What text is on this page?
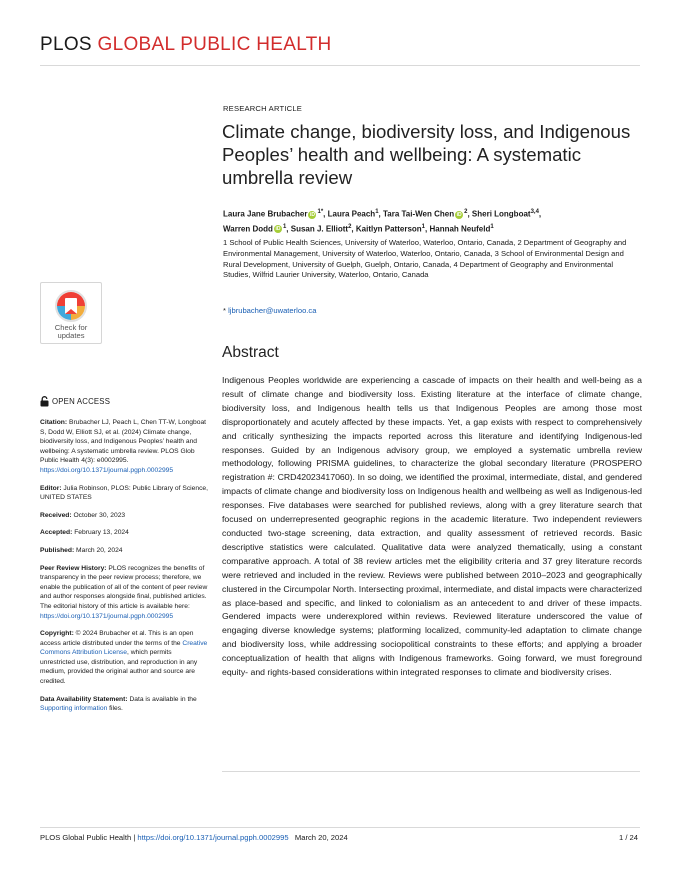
PLOS GLOBAL PUBLIC HEALTH
RESEARCH ARTICLE
Climate change, biodiversity loss, and Indigenous Peoples’ health and wellbeing: A systematic umbrella review
Laura Jane Brubacher iD $^{1*}$, Laura Peach$^1$, Tara Tai-Wen Chen iD $^2$, Sheri Longboat$^{3,4}$,
Warren Dodd iD $^1$, Susan J. Elliott$^2$, Kaitlyn Patterson$^1$, Hannah Neufeld$^1$
1 School of Public Health Sciences, University of Waterloo, Waterloo, Ontario, Canada, 2 Department of Geography and Environmental Management, University of Waterloo, Waterloo, Ontario, Canada, 3 School of Environmental Design and Rural Development, University of Guelph, Guelph, Ontario, Canada, 4 Department of Geography and Environmental Studies, Wilfrid Laurier University, Waterloo, Ontario, Canada
* ljbrubacher@uwaterloo.ca
Check for
updates
Abstract
Indigenous Peoples worldwide are experiencing a cascade of impacts on their health and well-being as a result of climate change and biodiversity loss. Existing literature at the interface of climate change, biodiversity loss, and Indigenous health tells us that Indigenous Peoples are among those most disproportionately and acutely affected by these impacts. Yet, a gap exists with respect to comprehensively and critically synthesizing the impacts reported across this literature and identifying Indigenous-led responses. Guided by an Indigenous advisory group, we employed a systematic umbrella review methodology, following PRISMA guidelines, to characterize the global secondary literature (PROSPERO registration #: CRD42023417060). In so doing, we identified the proximal, intermediate, distal, and gendered impacts of climate change and biodiversity loss on Indigenous health and wellbeing as well as Indigenous-led responses. Five databases were searched for published reviews, along with a grey literature search that focused on underrepresented geographic regions in the academic literature. Two independent reviewers conducted two-stage screening, data extraction, and quality assessment of retrieved records. Basic descriptive statistics were calculated. Qualitative data were analyzed thematically, using a constant comparative approach. A total of 38 review articles met the eligibility criteria and 37 grey literature records were retrieved and included in the review. Reviews were published between 2010–2023 and geographically clustered in the Circumpolar North. Intersecting proximal, intermediate, and distal impacts were characterized as place-based and specific, and linked to colonialism as an antecedent to and driver of these impacts. Gendered impacts were underexplored within reviews. Reviewed literature underscored the value of engaging diverse knowledge systems; platforming localized, community-led adaptation to climate change and biodiversity loss, while addressing sociopolitical constraints to these efforts; and applying a broader conceptualization of health that aligns with Indigenous frameworks. Going forward, we must foreground equity- and rights-based considerations within integrated responses to climate and biodiversity crises.
OPEN ACCESS

Citation: Brubacher LJ, Peach L, Chen TT-W, Longboat S, Dodd W, Elliott SJ, et al. (2024) Climate change, biodiversity loss, and Indigenous Peoples’ health and wellbeing: A systematic umbrella review. PLOS Glob Public Health 4(3): e0002995. https://doi.org/10.1371/journal.pgph.0002995

Editor: Julia Robinson, PLOS: Public Library of Science, UNITED STATES

Received: October 30, 2023

Accepted: February 13, 2024

Published: March 20, 2024

Peer Review History: PLOS recognizes the benefits of transparency in the peer review process; therefore, we enable the publication of all of the content of peer review and author responses alongside final, published articles. The editorial history of this article is available here: https://doi.org/10.1371/journal.pgph.0002995

Copyright: © 2024 Brubacher et al. This is an open access article distributed under the terms of the Creative Commons Attribution License, which permits unrestricted use, distribution, and reproduction in any medium, provided the original author and source are credited.

Data Availability Statement: Data is available in the Supporting information files.

PLOS Global Public Health | https://doi.org/10.1371/journal.pgph.0002995 March 20, 2024	1 / 24
